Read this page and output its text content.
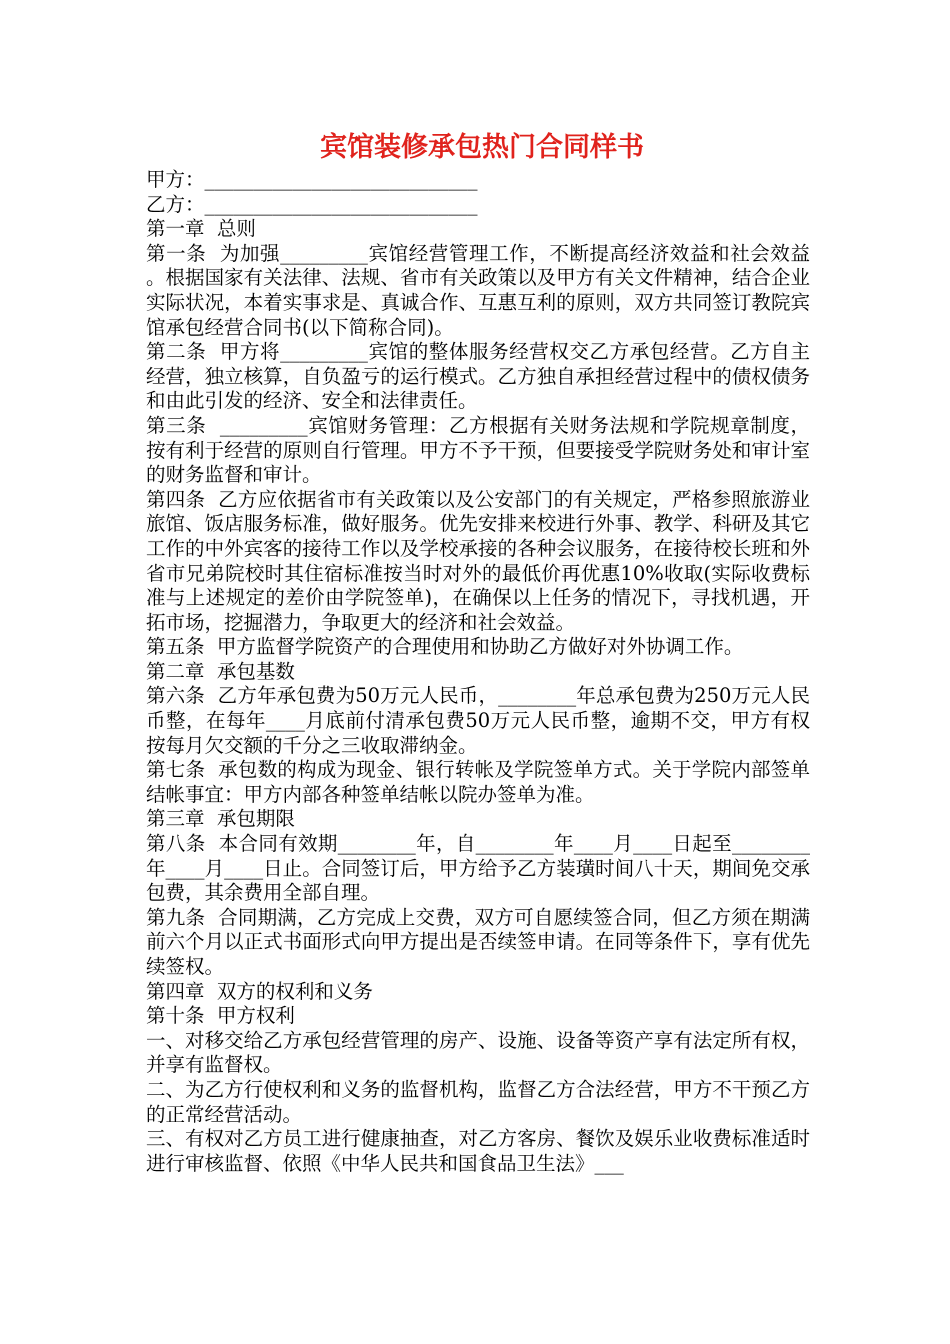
宾馆装修承包热门合同样书

甲方：____________________________

乙方：____________________________

第一章  总则

第一条  为加强_________宾馆经营管理工作，不断提高经济效益和社会效益。根据国家有关法律、法规、省市有关政策以及甲方有关文件精神，结合企业实际状况，本着实事求是、真诚合作、互惠互利的原则，双方共同签订教院宾馆承包经营合同书(以下简称合同)。

第二条  甲方将_________宾馆的整体服务经营权交乙方承包经营。乙方自主经营，独立核算，自负盈亏的运行模式。乙方独自承担经营过程中的债权债务和由此引发的经济、安全和法律责任。

第三条  _________宾馆财务管理：乙方根据有关财务法规和学院规章制度，按有利于经营的原则自行管理。甲方不予干预，但要接受学院财务处和审计室的财务监督和审计。

第四条  乙方应依据省市有关政策以及公安部门的有关规定，严格参照旅游业旅馆、饭店服务标准，做好服务。优先安排来校进行外事、教学、科研及其它工作的中外宾客的接待工作以及学校承接的各种会议服务，在接待校长班和外省市兄弟院校时其住宿标准按当时对外的最低价再优惠10%收取(实际收费标准与上述规定的差价由学院签单)，在确保以上任务的情况下，寻找机遇，开拓市场，挖掘潜力，争取更大的经济和社会效益。

第五条  甲方监督学院资产的合理使用和协助乙方做好对外协调工作。

第二章  承包基数

第六条  乙方年承包费为50万元人民币，________年总承包费为250万元人民币整，在每年____月底前付清承包费50万元人民币整，逾期不交，甲方有权按每月欠交额的千分之三收取滞纳金。

第七条  承包数的构成为现金、银行转帐及学院签单方式。关于学院内部签单结帐事宜：甲方内部各种签单结帐以院办签单为准。

第三章  承包期限

第八条  本合同有效期________年，自________年____月____日起至________年____月____日止。合同签订后，甲方给予乙方装璜时间八十天，期间免交承包费，其余费用全部自理。

第九条  合同期满，乙方完成上交费，双方可自愿续签合同，但乙方须在期满前六个月以正式书面形式向甲方提出是否续签申请。在同等条件下，享有优先续签权。

第四章  双方的权利和义务

第十条  甲方权利

一、对移交给乙方承包经营管理的房产、设施、设备等资产享有法定所有权，并享有监督权。

二、为乙方行使权利和义务的监督机构，监督乙方合法经营，甲方不干预乙方的正常经营活动。

三、有权对乙方员工进行健康抽查，对乙方客房、餐饮及娱乐业收费标准适时进行审核监督、依照《中华人民共和国食品卫生法》___
